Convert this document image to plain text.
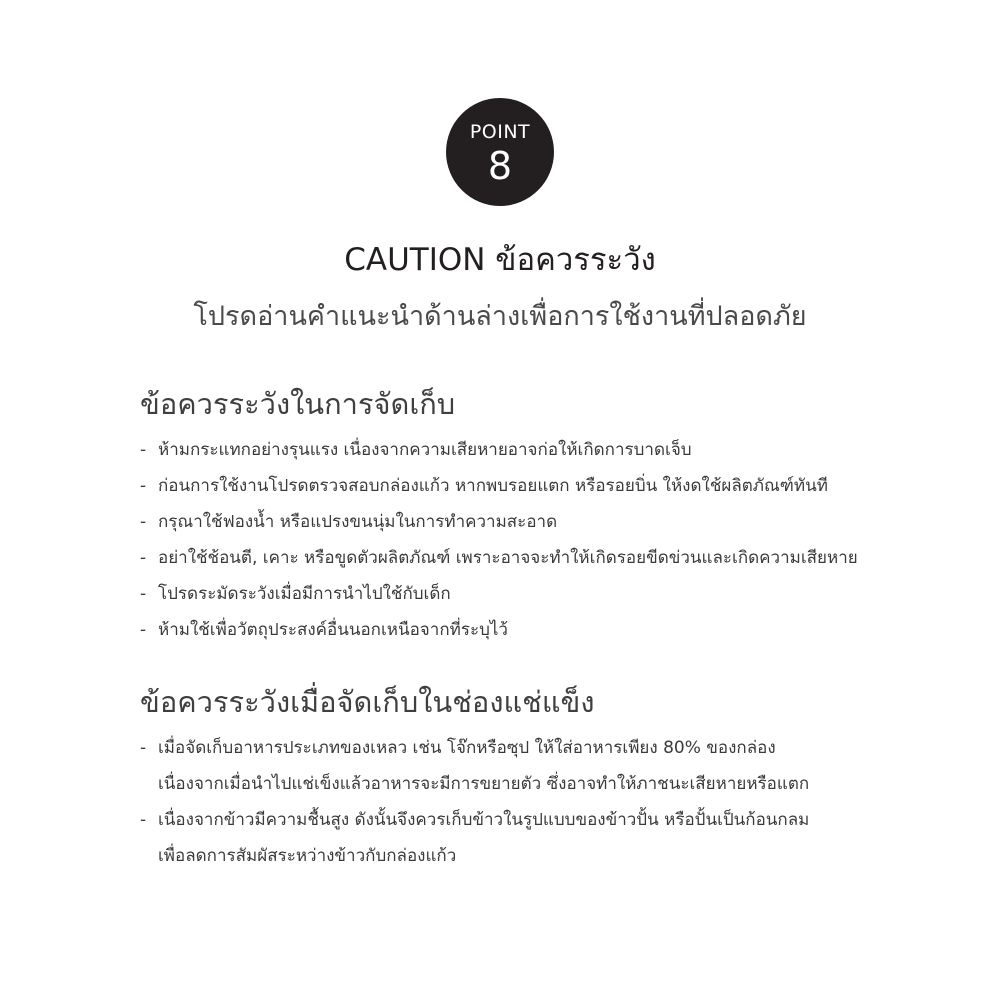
POINT
8
CAUTION ข้อควรระวัง
โปรดอ่านคำแนะนำด้านล่างเพื่อการใช้งานที่ปลอดภัย
ข้อควรระวังในการจัดเก็บ
- ห้ามกระแทกอย่างรุนแรง เนื่องจากความเสียหายอาจก่อให้เกิดการบาดเจ็บ
- ก่อนการใช้งานโปรดตรวจสอบกล่องแก้ว หากพบรอยแตก หรือรอยบิ่น ให้งดใช้ผลิตภัณฑ์ทันที
- กรุณาใช้ฟองน้ำ หรือแปรงขนนุ่มในการทำความสะอาด
- อย่าใช้ช้อนตี, เคาะ หรือขูดตัวผลิตภัณฑ์ เพราะอาจจะทำให้เกิดรอยขีดข่วนและเกิดความเสียหาย
- โปรดระมัดระวังเมื่อมีการนำไปใช้กับเด็ก
- ห้ามใช้เพื่อวัตถุประสงค์อื่นนอกเหนือจากที่ระบุไว้
ข้อควรระวังเมื่อจัดเก็บในช่องแช่แข็ง
- เมื่อจัดเก็บอาหารประเภทของเหลว เช่น โจ๊กหรือซุป ให้ใส่อาหารเพียง 80% ของกล่อง
เนื่องจากเมื่อนำไปแช่เข็งแล้วอาหารจะมีการขยายตัว ซึ่งอาจทำให้ภาชนะเสียหายหรือแตก
- เนื่องจากข้าวมีความชื้นสูง ดังนั้นจึงควรเก็บข้าวในรูปแบบของข้าวปั้น หรือปั้นเป็นก้อนกลม
เพื่อลดการสัมผัสระหว่างข้าวกับกล่องแก้ว
